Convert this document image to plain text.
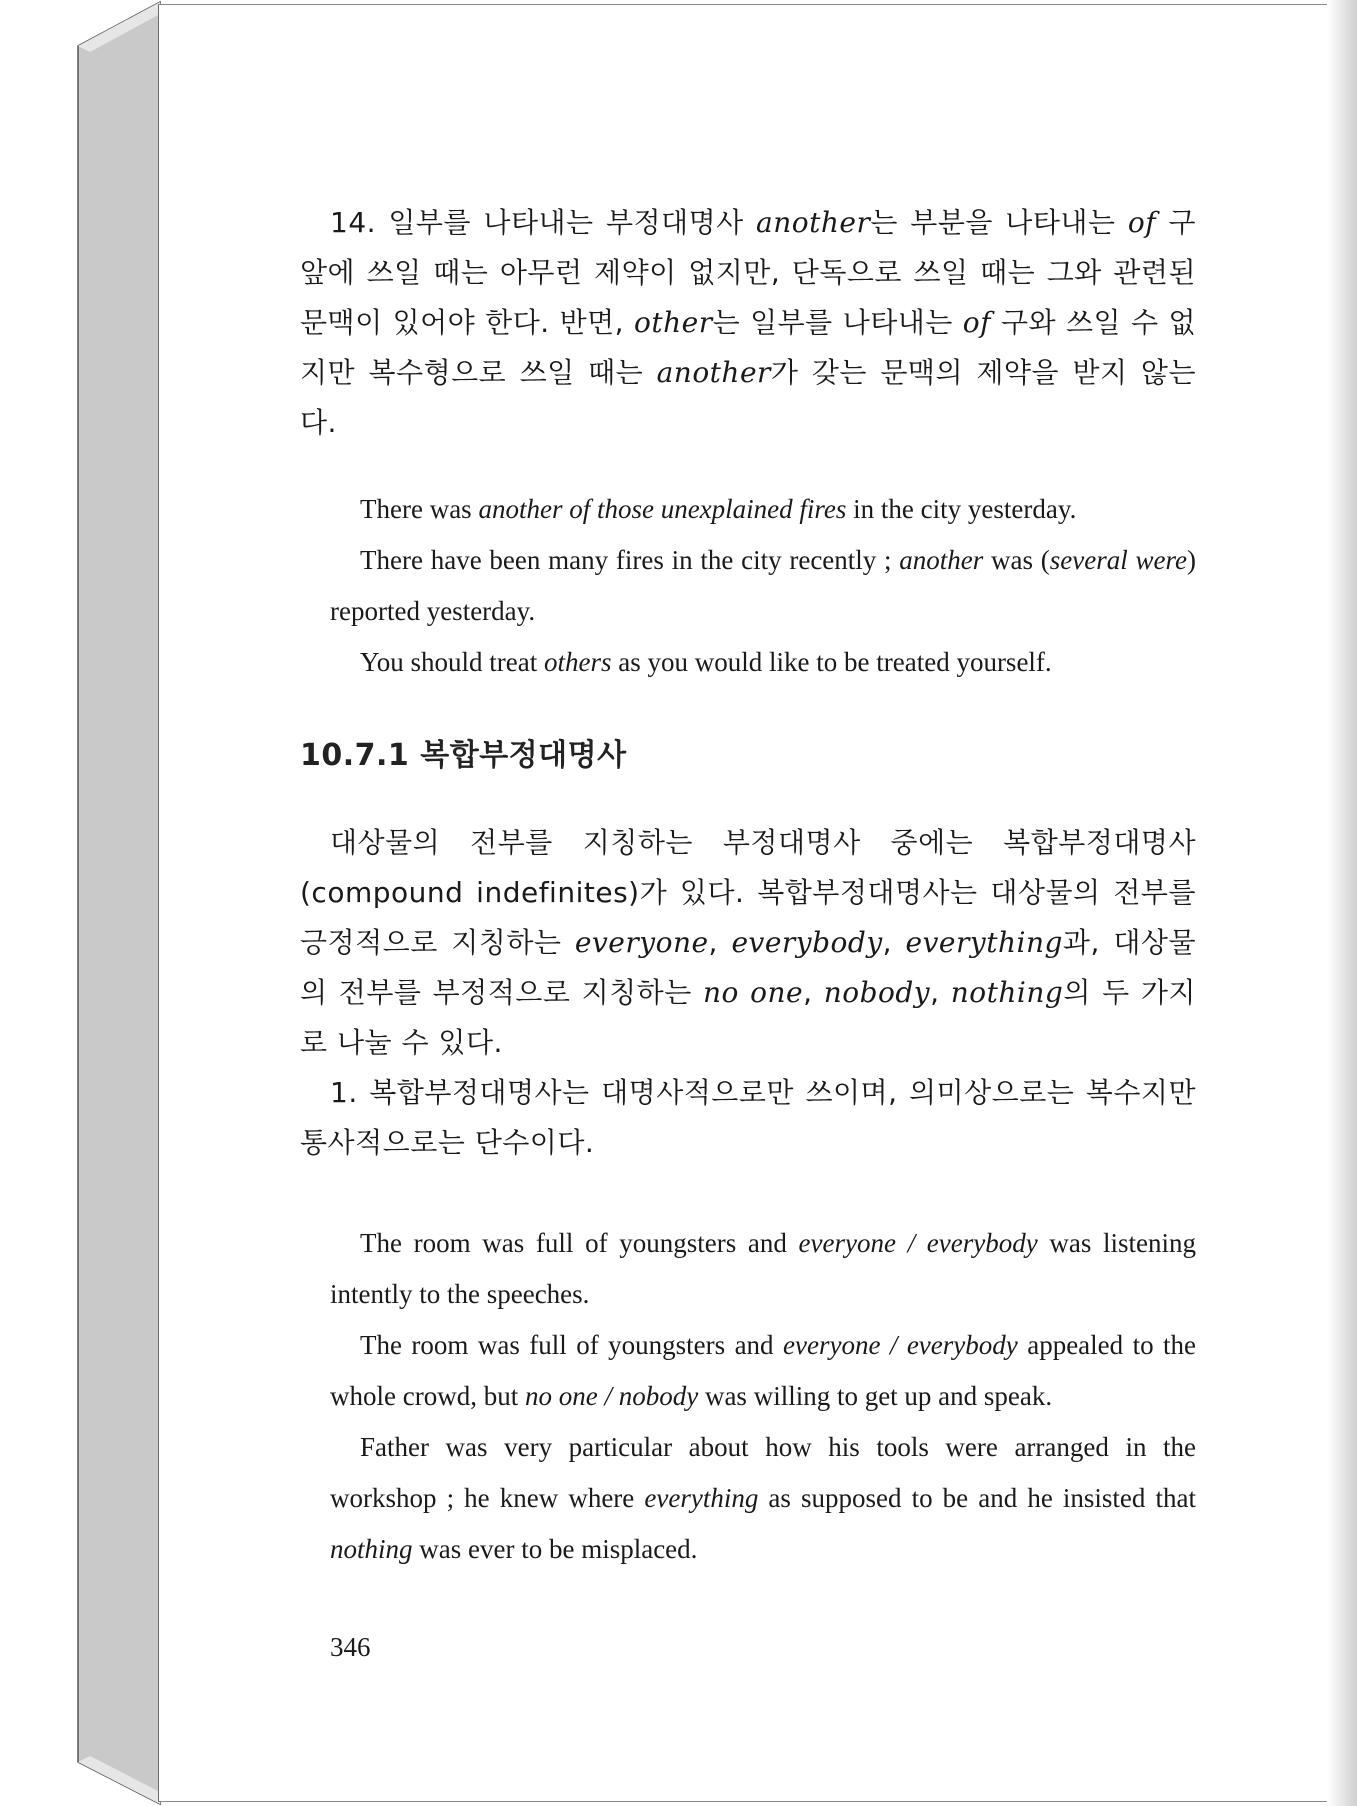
14. 일부를 나타내는 부정대명사 another는 부분을 나타내는 of 구 앞에 쓰일 때는 아무런 제약이 없지만, 단독으로 쓰일 때는 그와 관련된 문맥이 있어야 한다. 반면, other는 일부를 나타내는 of 구와 쓰일 수 없지만 복수형으로 쓰일 때는 another가 갖는 문맥의 제약을 받지 않는다.

There was another of those unexplained fires in the city yesterday.

There have been many fires in the city recently ; another was (several were) reported yesterday.

You should treat others as you would like to be treated yourself.

10.7.1 복합부정대명사

대상물의 전부를 지칭하는 부정대명사 중에는 복합부정대명사(compound indefinites)가 있다. 복합부정대명사는 대상물의 전부를 긍정적으로 지칭하는 everyone, everybody, everything과, 대상물의 전부를 부정적으로 지칭하는 no one, nobody, nothing의 두 가지로 나눌 수 있다.

1. 복합부정대명사는 대명사적으로만 쓰이며, 의미상으로는 복수지만 통사적으로는 단수이다.

The room was full of youngsters and everyone / everybody was listening intently to the speeches.

The room was full of youngsters and everyone / everybody appealed to the whole crowd, but no one / nobody was willing to get up and speak.

Father was very particular about how his tools were arranged in the workshop ; he knew where everything as supposed to be and he insisted that nothing was ever to be misplaced.

346
